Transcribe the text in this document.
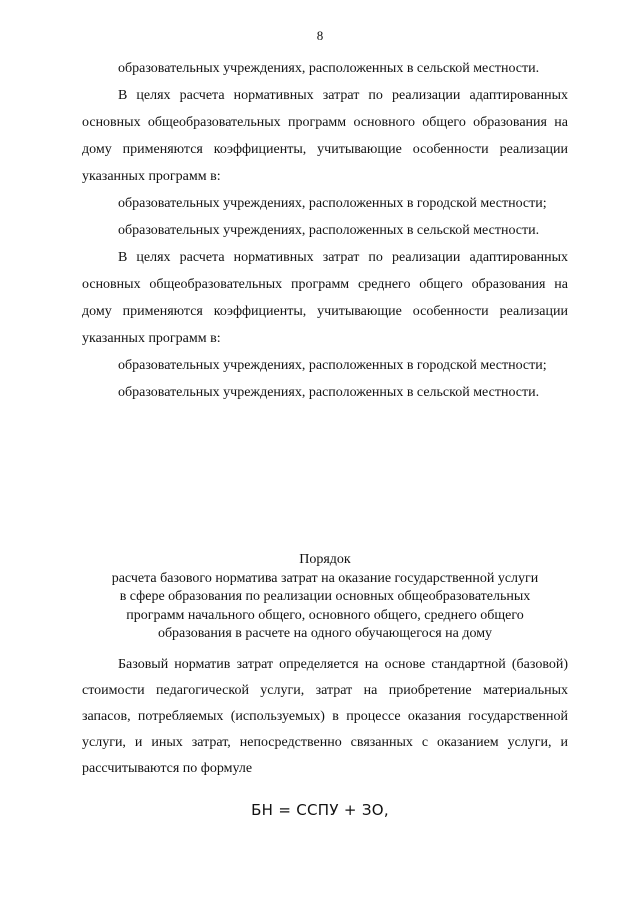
8

образовательных учреждениях, расположенных в сельской местности.

В целях расчета нормативных затрат по реализации адаптированных основных общеобразовательных программ основного общего образования на дому применяются коэффициенты, учитывающие особенности реализации указанных программ в:

образовательных учреждениях, расположенных в городской местности;

образовательных учреждениях, расположенных в сельской местности.

В целях расчета нормативных затрат по реализации адаптированных основных общеобразовательных программ среднего общего образования на дому применяются коэффициенты, учитывающие особенности реализации указанных программ в:

образовательных учреждениях, расположенных в городской местности;

образовательных учреждениях, расположенных в сельской местности.

Порядок
расчета базового норматива затрат на оказание государственной услуги
в сфере образования по реализации основных общеобразовательных
программ начального общего, основного общего, среднего общего
образования в расчете на одного обучающегося на дому

Базовый норматив затрат определяется на основе стандартной (базовой) стоимости педагогической услуги, затрат на приобретение материальных запасов, потребляемых (используемых) в процессе оказания государственной услуги, и иных затрат, непосредственно связанных с оказанием услуги, и рассчитываются по формуле

БН = ССПУ + ЗО,
